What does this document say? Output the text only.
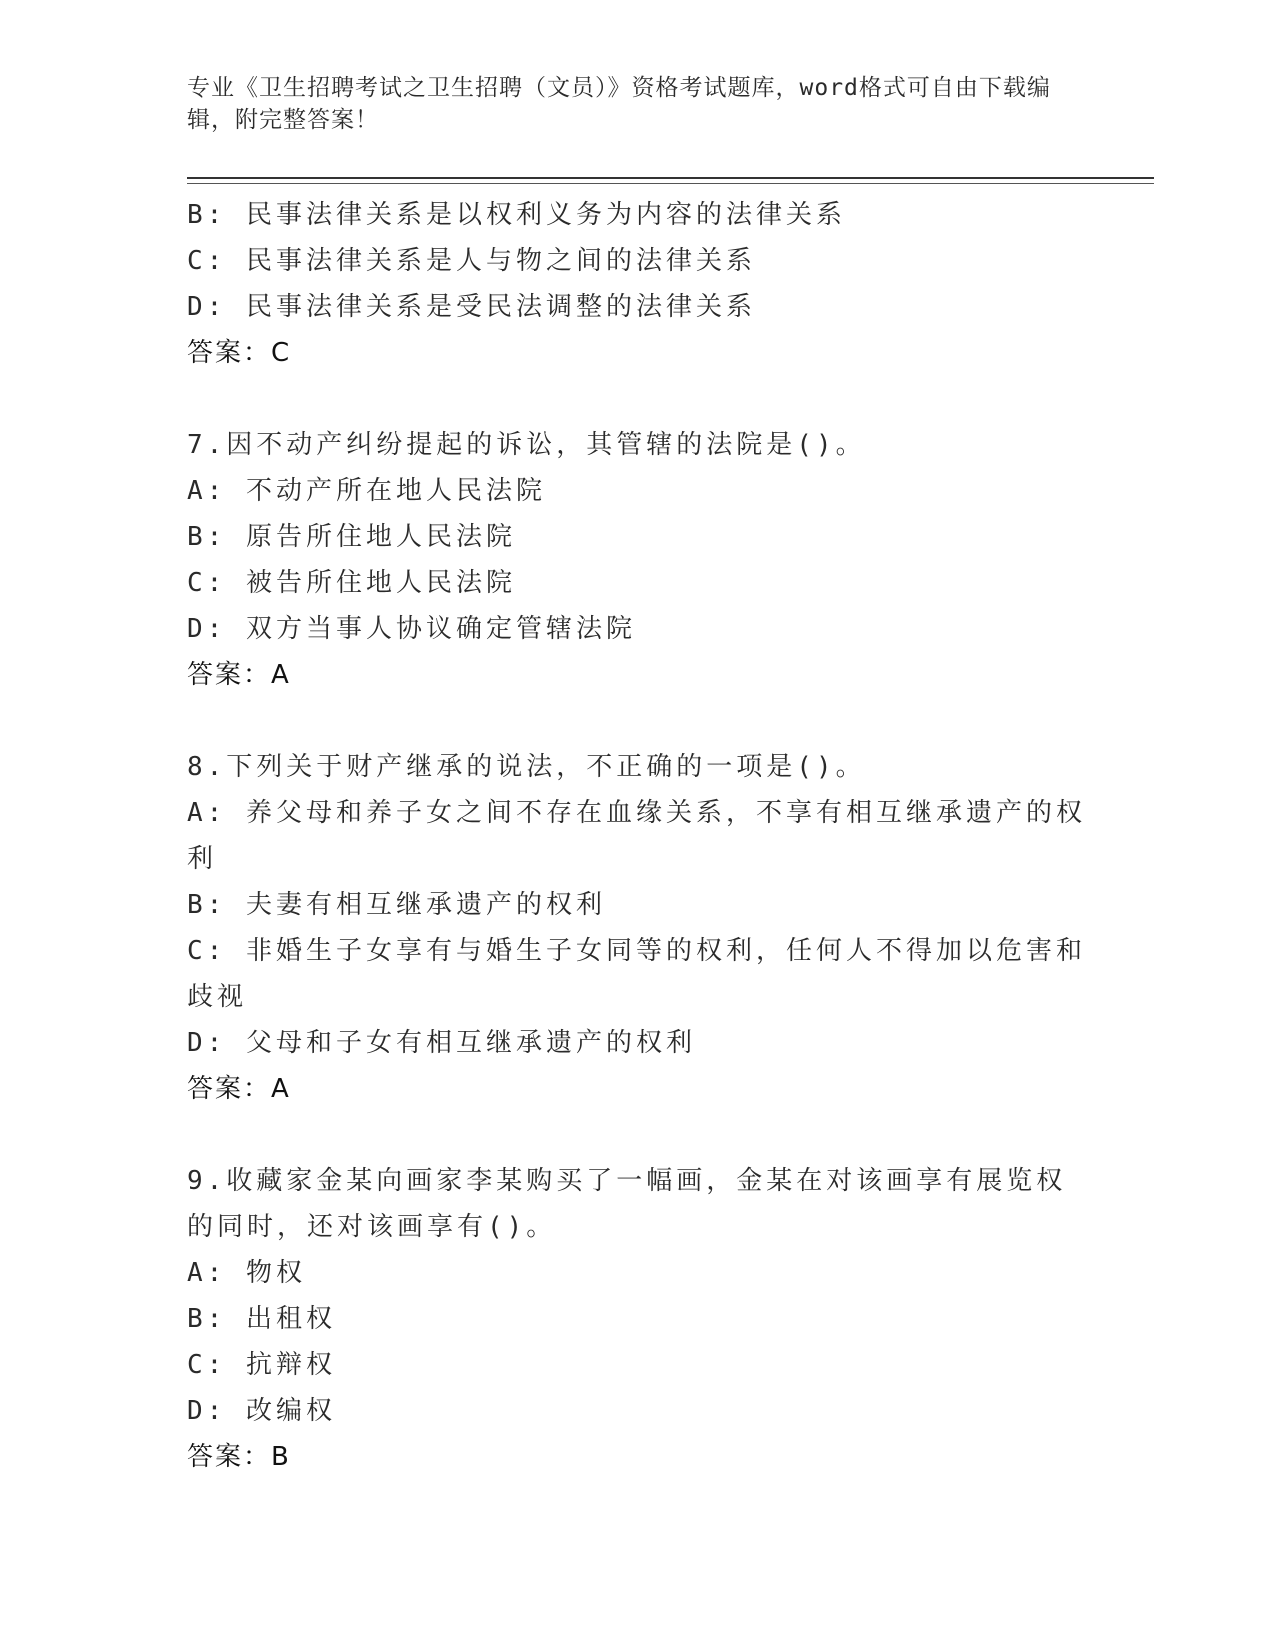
专业《卫生招聘考试之卫生招聘（文员）》资格考试题库，word格式可自由下载编辑，附完整答案！
B: 民事法律关系是以权利义务为内容的法律关系
C: 民事法律关系是人与物之间的法律关系
D: 民事法律关系是受民法调整的法律关系
答案：C
7.因不动产纠纷提起的诉讼，其管辖的法院是()。
A: 不动产所在地人民法院
B: 原告所住地人民法院
C: 被告所住地人民法院
D: 双方当事人协议确定管辖法院
答案：A
8.下列关于财产继承的说法，不正确的一项是()。
A: 养父母和养子女之间不存在血缘关系，不享有相互继承遗产的权利
B: 夫妻有相互继承遗产的权利
C: 非婚生子女享有与婚生子女同等的权利，任何人不得加以危害和歧视
D: 父母和子女有相互继承遗产的权利
答案：A
9.收藏家金某向画家李某购买了一幅画，金某在对该画享有展览权的同时，还对该画享有()。
A: 物权
B: 出租权
C: 抗辩权
D: 改编权
答案：B
